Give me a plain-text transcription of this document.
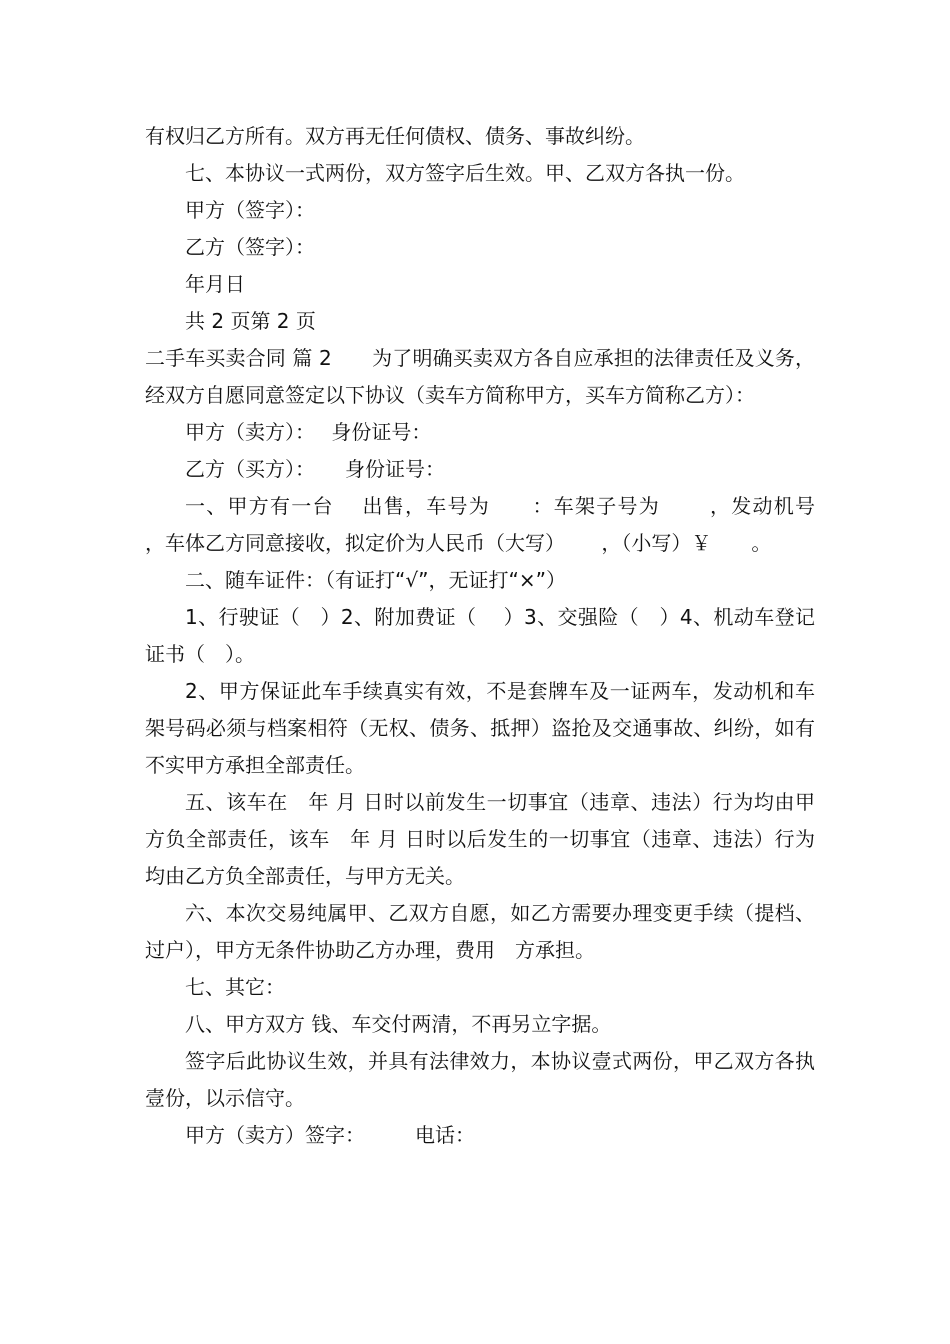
有权归乙方所有。双方再无任何债权、债务、事故纠纷。

七、本协议一式两份，双方签字后生效。甲、乙双方各执一份。

甲方（签字）：

乙方（签字）：

年月日

共 2 页第 2 页

二手车买卖合同 篇 2　　为了明确买卖双方各自应承担的法律责任及义务，经双方自愿同意签定以下协议（卖车方简称甲方，买车方简称乙方）：

甲方（卖方）：　 身份证号：

乙方（买方）：　　身份证号：

一、甲方有一台　 出售，车号为　　：车架子号为　　 ，发动机号　 ，车体乙方同意接收，拟定价为人民币（大写）　　 ，（小写）￥　　。

二、随车证件：（有证打“√”，无证打“×”）

1、行驶证（　）2、附加费证（　 ）3、交强险（　）4、机动车登记证书（　）。

2、甲方保证此车手续真实有效，不是套牌车及一证两车，发动机和车架号码必须与档案相符（无权、债务、抵押）盗抢及交通事故、纠纷，如有不实甲方承担全部责任。

五、该车在　年 月 日时以前发生一切事宜（违章、违法）行为均由甲方负全部责任，该车　年 月 日时以后发生的一切事宜（违章、违法）行为均由乙方负全部责任，与甲方无关。

六、本次交易纯属甲、乙双方自愿，如乙方需要办理变更手续（提档、过户），甲方无条件协助乙方办理，费用　方承担。

七、其它：

八、甲方双方 钱、车交付两清，不再另立字据。

签字后此协议生效，并具有法律效力，本协议壹式两份，甲乙双方各执壹份，以示信守。

甲方（卖方）签字：　　　电话：
